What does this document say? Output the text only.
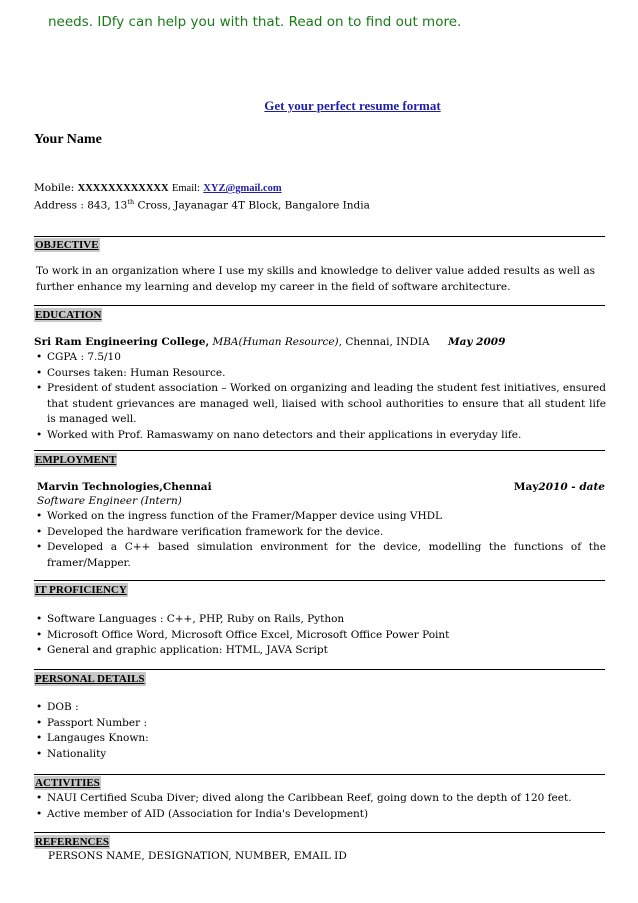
needs. IDfy can help you with that. Read on to find out more.
Get your perfect resume format
Your Name
Mobile: XXXXXXXXXXXX Email: XYZ@gmail.com
Address : 843, 13th Cross, Jayanagar 4T Block, Bangalore India
OBJECTIVE
To work in an organization where I use my skills and knowledge to deliver value added results as well as further enhance my learning and develop my career in the field of software architecture.
EDUCATION
Sri Ram Engineering College, MBA(Human Resource), Chennai, INDIA May 2009
• CGPA : 7.5/10
• Courses taken: Human Resource.
• President of student association – Worked on organizing and leading the student fest initiatives, ensured that student grievances are managed well, liaised with school authorities to ensure that all student life is managed well.
• Worked with Prof. Ramaswamy on nano detectors and their applications in everyday life.
EMPLOYMENT
Marvin Technologies,Chennai	May2010 - date
Software Engineer (Intern)
• Worked on the ingress function of the Framer/Mapper device using VHDL
• Developed the hardware verification framework for the device.
• Developed a C++ based simulation environment for the device, modelling the functions of the framer/Mapper.
IT PROFICIENCY
• Software Languages : C++, PHP, Ruby on Rails, Python
• Microsoft Office Word, Microsoft Office Excel, Microsoft Office Power Point
• General and graphic application: HTML, JAVA Script
PERSONAL DETAILS
• DOB :
• Passport Number :
• Langauges Known:
• Nationality
ACTIVITIES
• NAUI Certified Scuba Diver; dived along the Caribbean Reef, going down to the depth of 120 feet.
• Active member of AID (Association for India's Development)
REFERENCES
PERSONS NAME, DESIGNATION, NUMBER, EMAIL ID
